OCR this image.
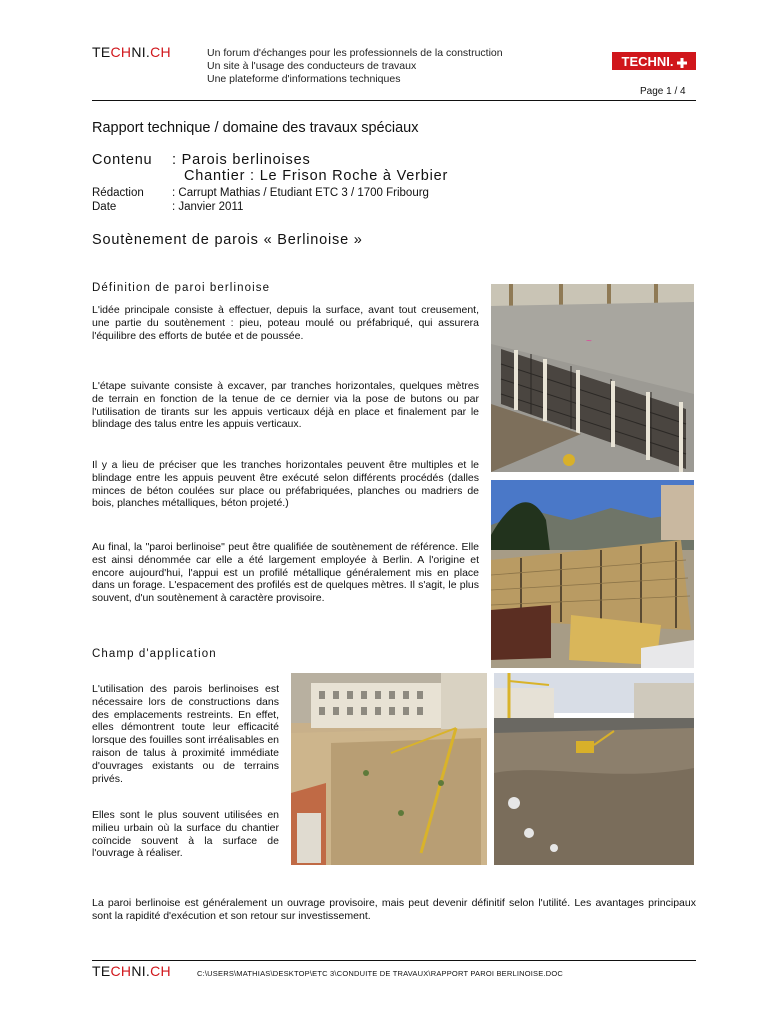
TECHNI.CH	Un forum d'échanges pour les professionnels de la construction
Un site à l'usage des conducteurs de travaux
Une plateforme d'informations techniques
TECHNI.
Page 1 / 4
Rapport technique / domaine des travaux spéciaux
Contenu : Parois berlinoises
Chantier : Le Frison Roche à Verbier
Rédaction : Carrupt Mathias / Etudiant ETC 3 / 1700 Fribourg
Date	: Janvier 2011
Soutènement de parois « Berlinoise »
Définition de paroi berlinoise

L'idée principale consiste à effectuer, depuis la surface, avant tout creusement, une partie du soutènement : pieu, poteau moulé ou préfabriqué, qui assurera l'équilibre des efforts de butée et de poussée.

L'étape suivante consiste à excaver, par tranches horizontales, quelques mètres de terrain en fonction de la tenue de ce dernier via la pose de butons ou par l'utilisation de tirants sur les appuis verticaux déjà en place et finalement par le blindage des talus entre les appuis verticaux.

Il y a lieu de préciser que les tranches horizontales peuvent être multiples et le blindage entre les appuis peuvent être exécuté selon différents procédés (dalles minces de béton coulées sur place ou préfabriquées, planches ou madriers de bois, planches métalliques, béton projeté.)

Au final, la "paroi berlinoise" peut être qualifiée de soutènement de référence. Elle est ainsi dénommée car elle a été largement employée à Berlin. A l'origine et encore aujourd'hui, l'appui est un profilé métallique généralement mis en place dans un forage. L'espacement des profilés est de quelques mètres. Il s'agit, le plus souvent, d'un soutènement à caractère provisoire.

~
Champ d'application

L'utilisation des parois berlinoises est nécessaire lors de constructions dans des emplacements restreints. En effet, elles démontrent toute leur efficacité lorsque des fouilles sont irréalisables en raison de talus à proximité immédiate d'ouvrages existants ou de terrains privés.

Elles sont le plus souvent utilisées en milieu urbain où la surface du chantier coïncide souvent à la surface de l'ouvrage à réaliser.

La paroi berlinoise est généralement un ouvrage provisoire, mais peut devenir définitif selon l'utilité. Les avantages principaux sont la rapidité d'exécution et son retour sur investissement.

TECHNI.CH	C:\USERS\MATHIAS\DESKTOP\ETC 3\CONDUITE DE TRAVAUX\RAPPORT PAROI BERLINOISE.DOC
